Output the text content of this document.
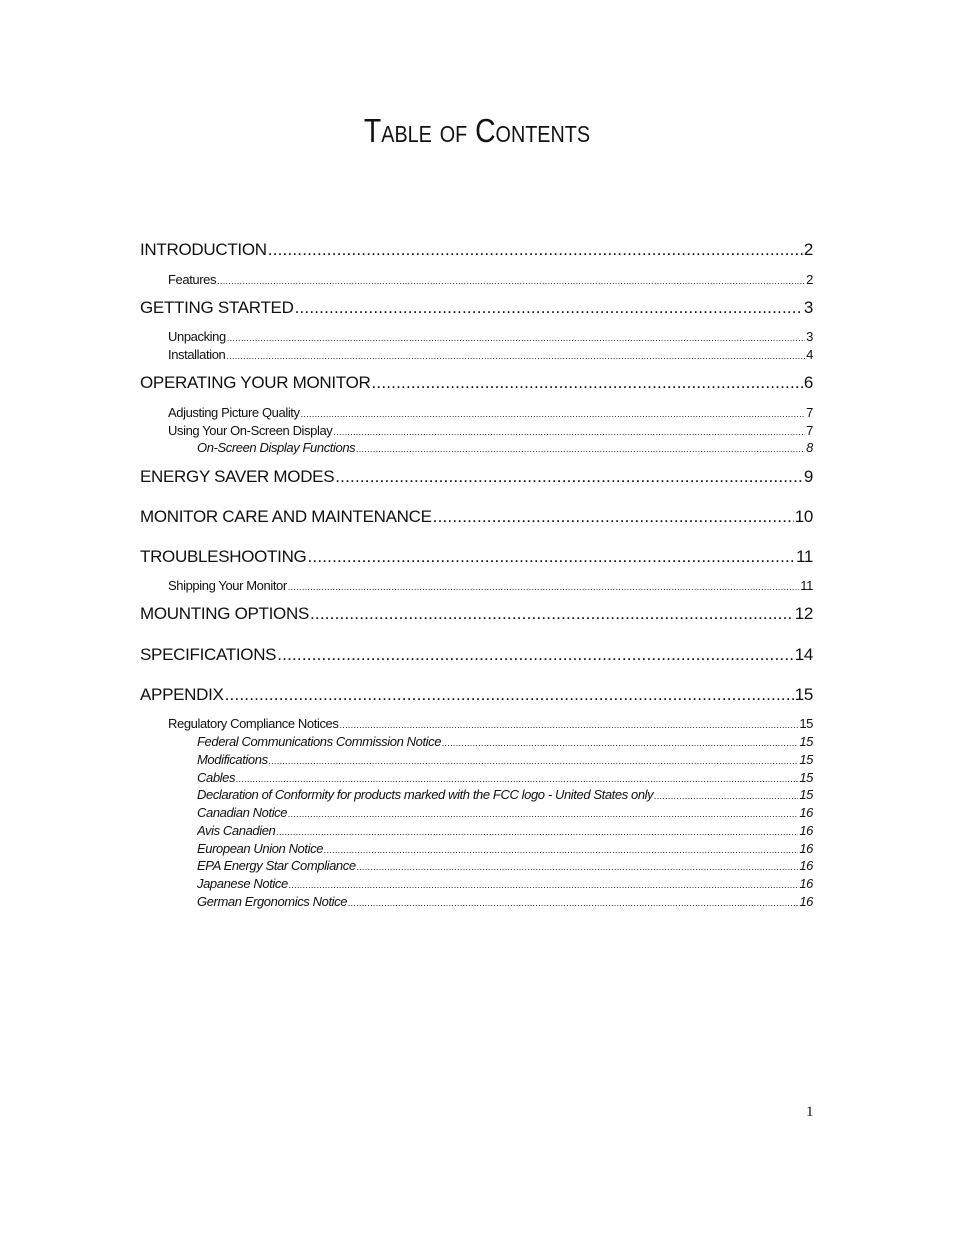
Table of Contents
INTRODUCTION .....	2
Features .....	2
GETTING STARTED .....	3
Unpacking .....	3
Installation .....	4
OPERATING YOUR MONITOR .....	6
Adjusting Picture Quality .....	7
Using Your On-Screen Display .....	7
On-Screen Display Functions .....	8
ENERGY SAVER MODES .....	9
MONITOR CARE AND MAINTENANCE .....	10
TROUBLESHOOTING .....	11
Shipping Your Monitor .....	11
MOUNTING OPTIONS .....	12
SPECIFICATIONS .....	14
APPENDIX .....	15
Regulatory Compliance Notices .....	15
Federal Communications Commission Notice .....	15
Modifications .....	15
Cables .....	15
Declaration of Conformity for products marked with the FCC logo - United States only .....	15
Canadian Notice .....	16
Avis Canadien .....	16
European Union Notice .....	16
EPA Energy Star Compliance .....	16
Japanese Notice .....	16
German Ergonomics Notice .....	16
1
